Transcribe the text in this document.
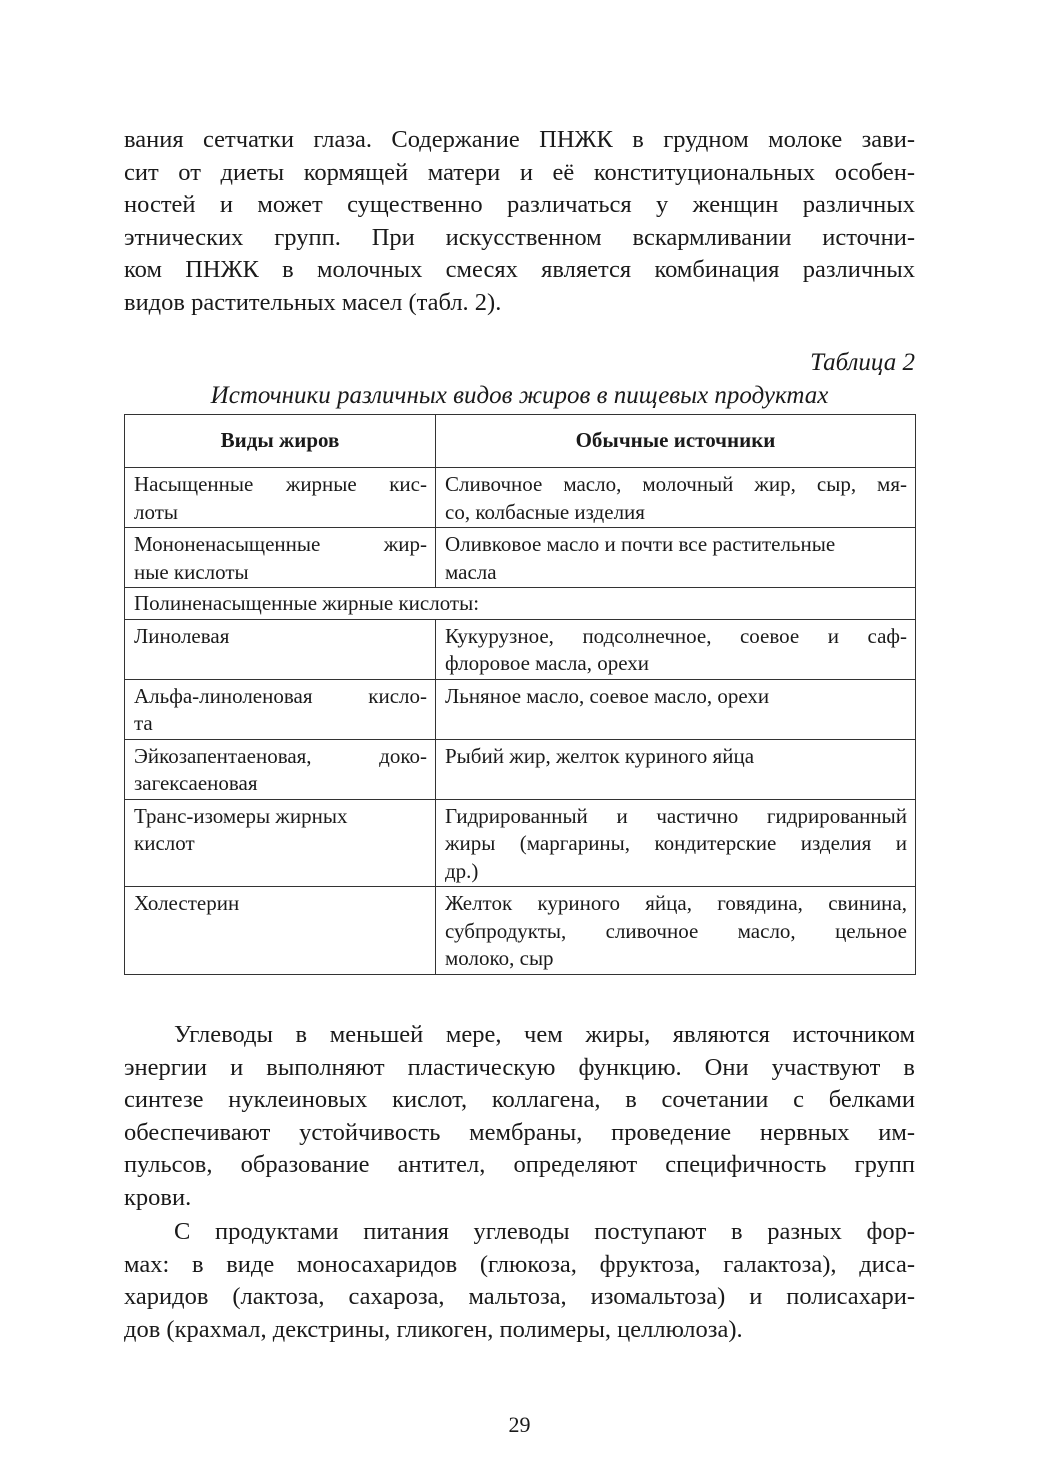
вания сетчатки глаза. Содержание ПНЖК в грудном молоке зави-
сит от диеты кормящей матери и её конституциональных особен-
ностей и может существенно различаться у женщин различных
этнических групп. При искусственном вскармливании источни-
ком ПНЖК в молочных смесях является комбинация различных
видов растительных масел (табл. 2).
Таблица 2
Источники различных видов жиров в пищевых продуктах
Виды жиров	Обычные источники

Насыщенные жирные кис-
лоты	Сливочное масло, молочный жир, сыр, мя-
со, колбасные изделия

Мононенасыщенные жир-
ные кислоты	Оливковое масло и почти все растительные
масла

Полиненасыщенные жирные кислоты:	

Линолевая	Кукурузное, подсолнечное, соевое и саф-
флоровое масла, орехи

Альфа-линоленовая кисло-
та	Льняное масло, соевое масло, орехи

Эйкозапентаеновая, доко-
загексаеновая	Рыбий жир, желток куриного яйца

Транс-изомеры жирных
кислот	Гидрированный и частично гидрированный
жиры (маргарины, кондитерские изделия и
др.)

Холестерин	Желток куриного яйца, говядина, свинина,
субпродукты, сливочное масло, цельное
молоко, сыр
Углеводы в меньшей мере, чем жиры, являются источником
энергии и выполняют пластическую функцию. Они участвуют в
синтезе нуклеиновых кислот, коллагена, в сочетании с белками
обеспечивают устойчивость мембраны, проведение нервных им-
пульсов, образование антител, определяют специфичность групп
крови.
С продуктами питания углеводы поступают в разных фор-
мах: в виде моносахаридов (глюкоза, фруктоза, галактоза), диса-
харидов (лактоза, сахароза, мальтоза, изомальтоза) и полисахари-
дов (крахмал, декстрины, гликоген, полимеры, целлюлоза).
29
